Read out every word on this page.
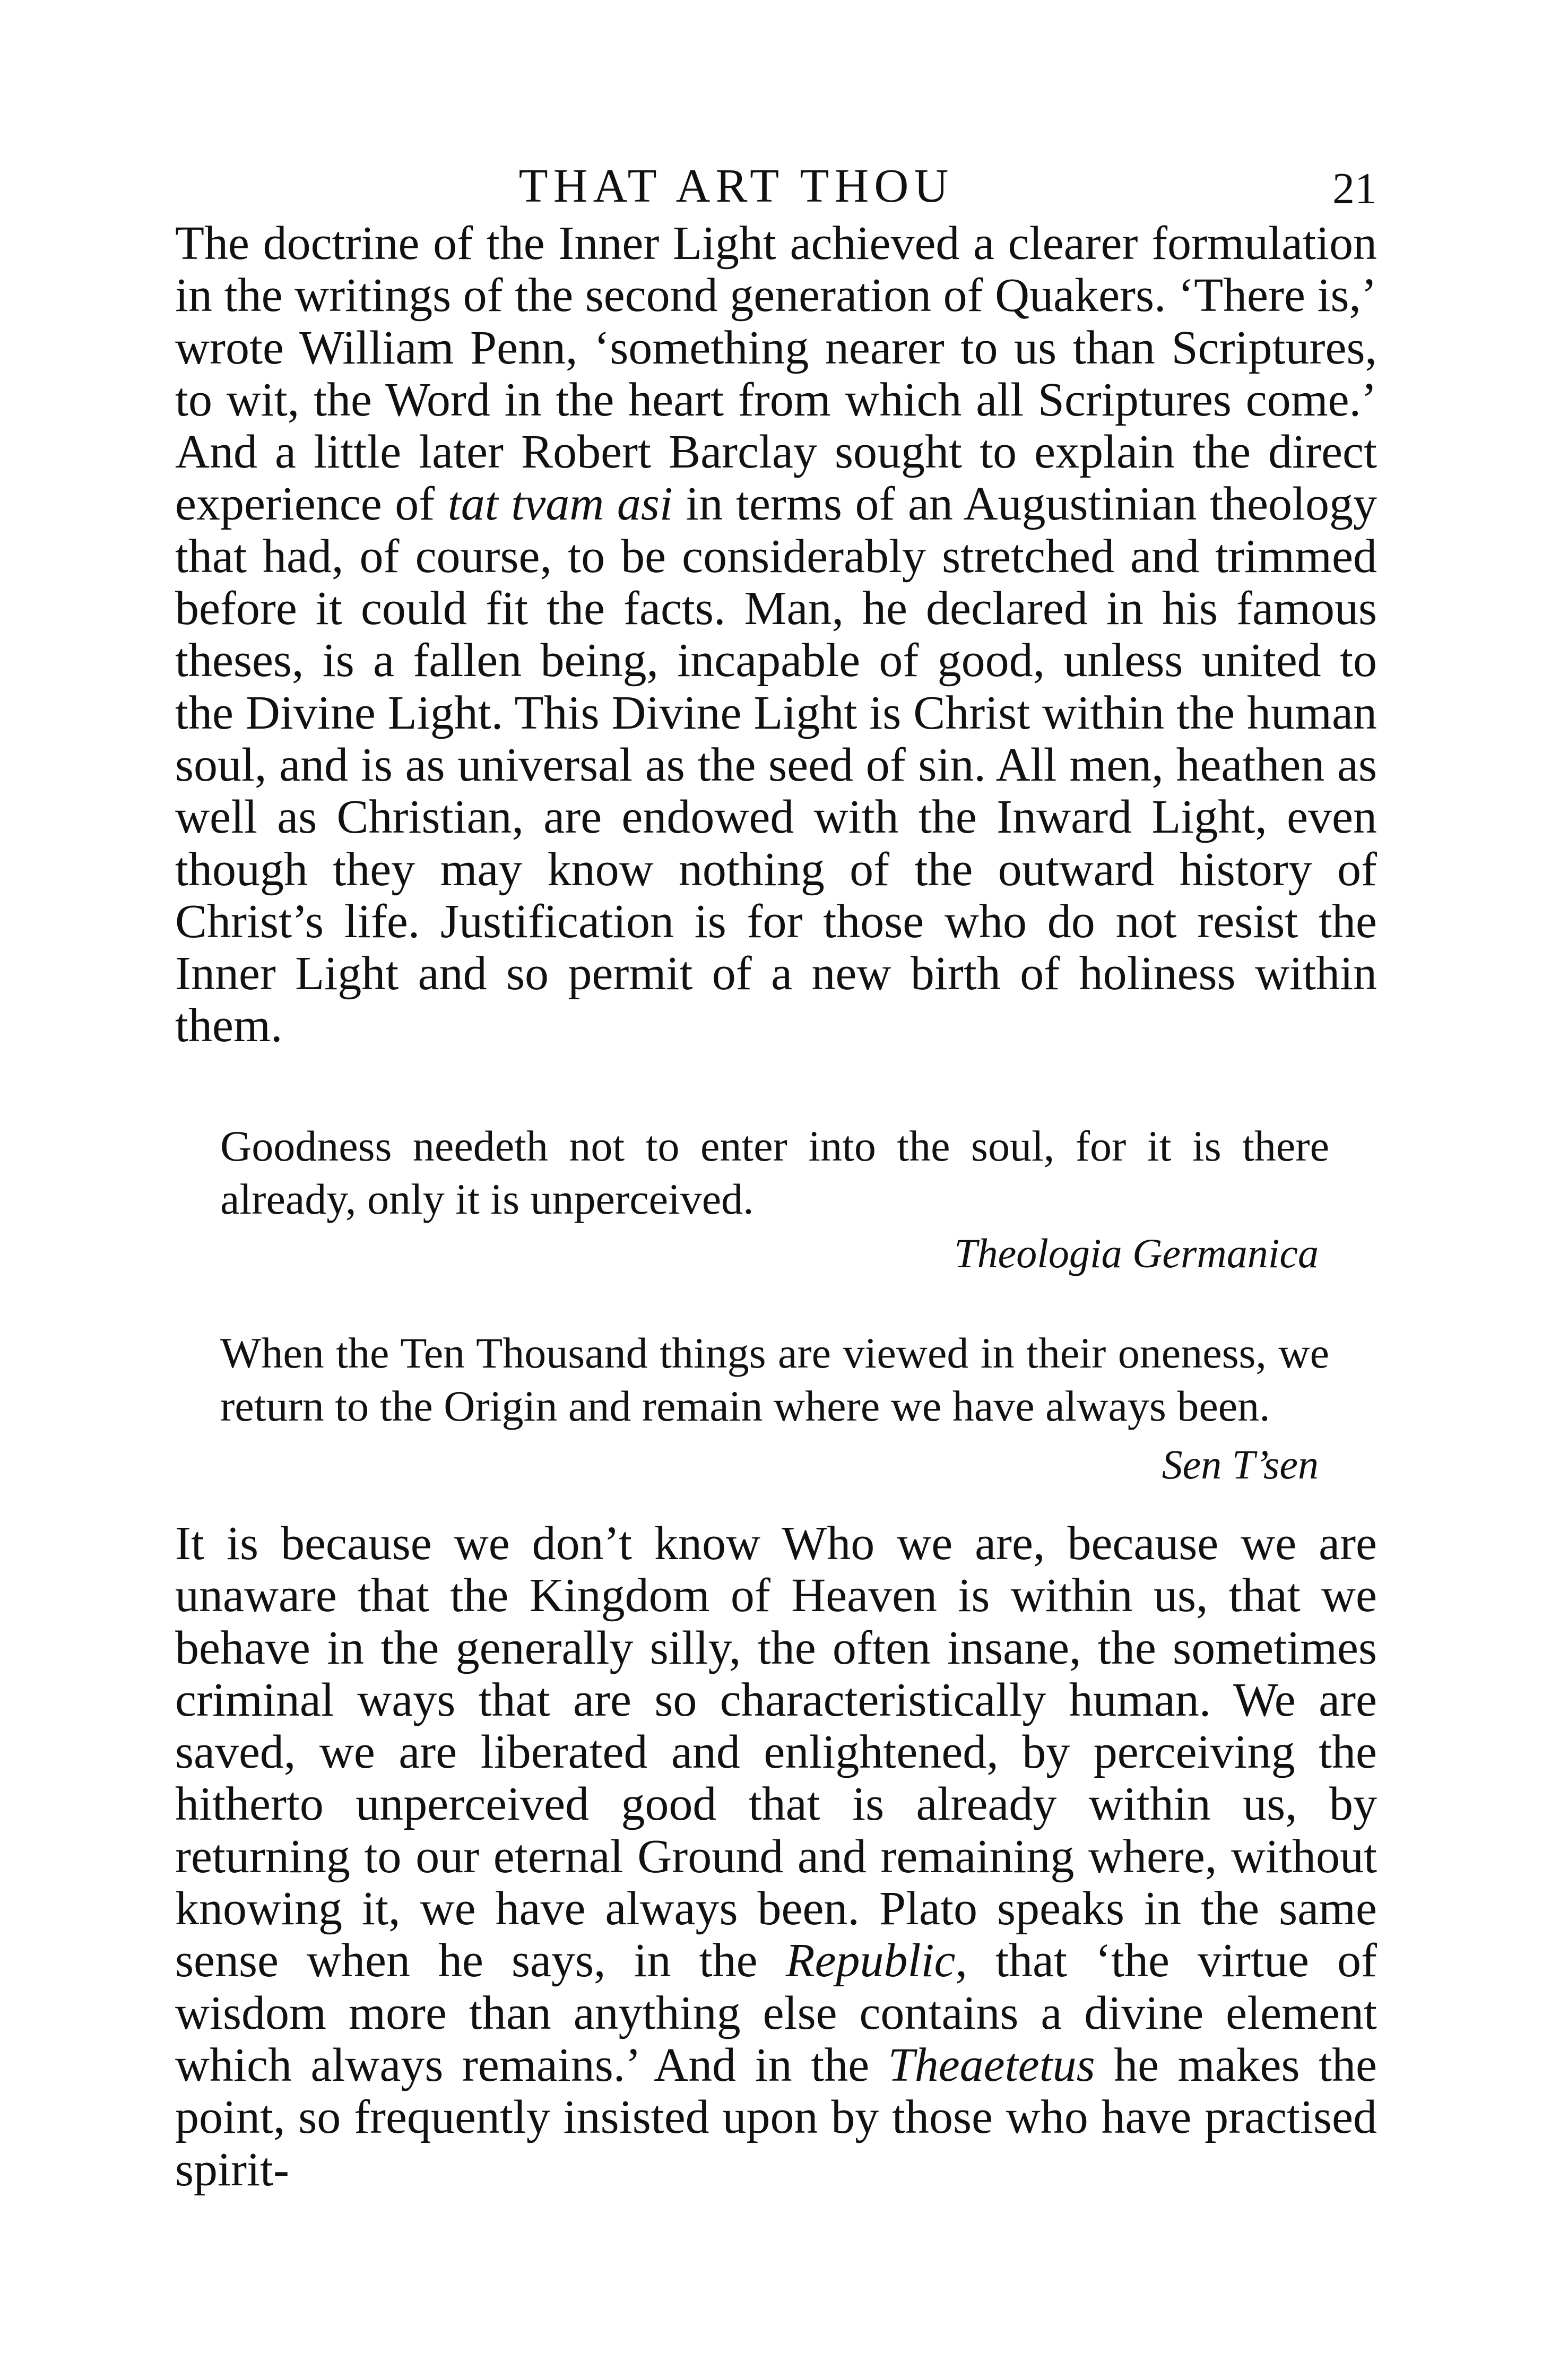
THAT ART THOU	21

The doctrine of the Inner Light achieved a clearer formulation in the writings of the second generation of Quakers. ‘There is,’ wrote William Penn, ‘something nearer to us than Scriptures, to wit, the Word in the heart from which all Scriptures come.’ And a little later Robert Barclay sought to explain the direct experience of tat tvam asi in terms of an Augustinian theology that had, of course, to be considerably stretched and trimmed before it could fit the facts. Man, he declared in his famous theses, is a fallen being, incapable of good, unless united to the Divine Light. This Divine Light is Christ within the human soul, and is as universal as the seed of sin. All men, heathen as well as Christian, are endowed with the Inward Light, even though they may know nothing of the outward history of Christ’s life. Justification is for those who do not resist the Inner Light and so permit of a new birth of holiness within them.

Goodness needeth not to enter into the soul, for it is there already, only it is unperceived.

Theologia Germanica

When the Ten Thousand things are viewed in their oneness, we return to the Origin and remain where we have always been.

Sen T’sen

It is because we don’t know Who we are, because we are unaware that the Kingdom of Heaven is within us, that we behave in the generally silly, the often insane, the sometimes criminal ways that are so characteristically human. We are saved, we are liberated and enlightened, by perceiving the hitherto unperceived good that is already within us, by returning to our eternal Ground and remaining where, without knowing it, we have always been. Plato speaks in the same sense when he says, in the Republic, that ‘the virtue of wisdom more than anything else contains a divine element which always remains.’ And in the Theaetetus he makes the point, so frequently insisted upon by those who have practised spirit-
